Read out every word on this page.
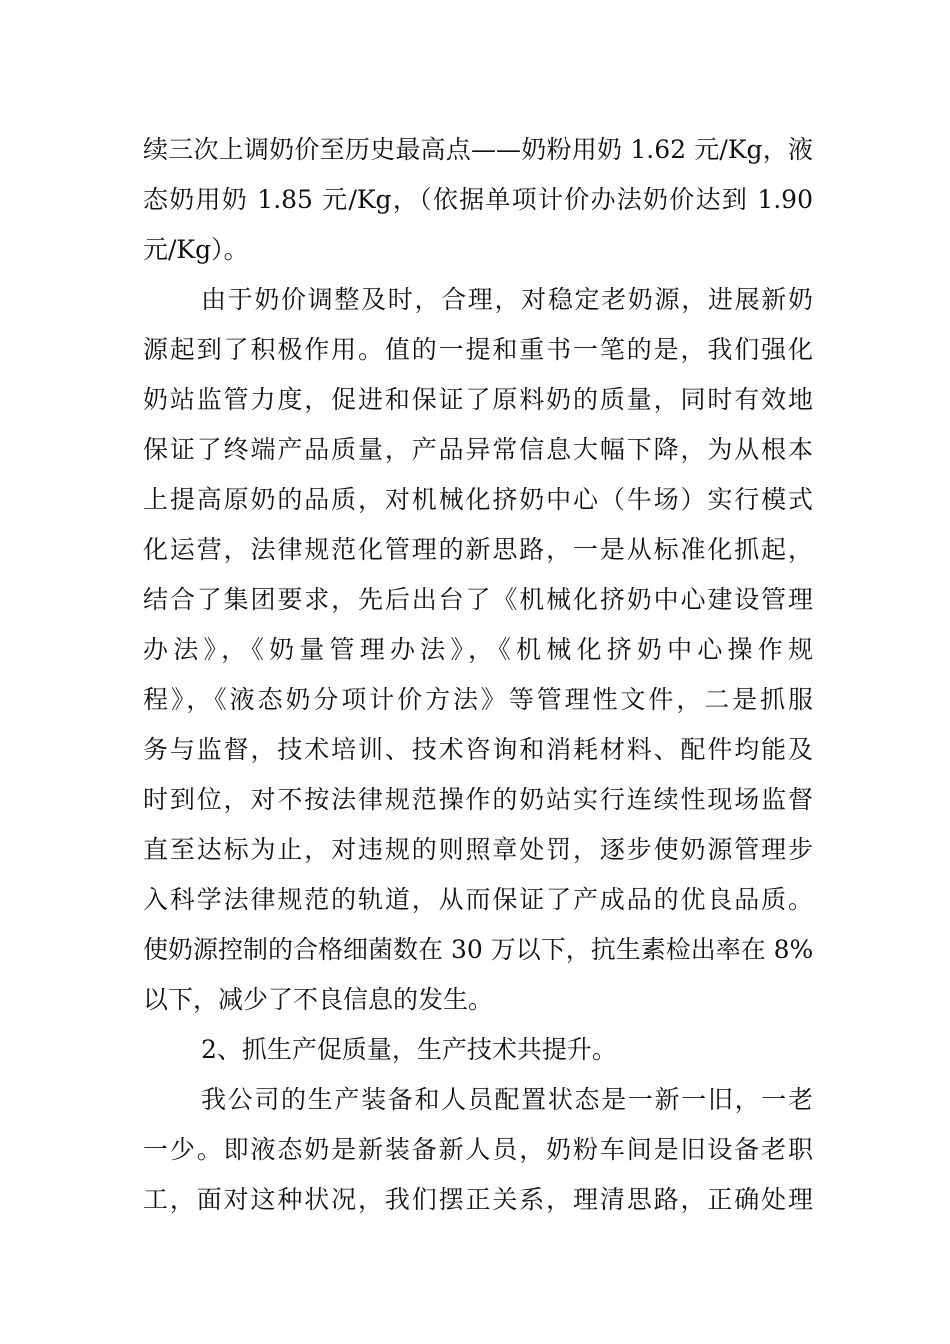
续三次上调奶价至历史最高点——奶粉用奶 1.62 元/Kg，液
态奶用奶 1.85 元/Kg，（依据单项计价办法奶价达到 1.90
元/Kg）。
由于奶价调整及时，合理，对稳定老奶源，进展新奶
源起到了积极作用。值的一提和重书一笔的是，我们强化
奶站监管力度，促进和保证了原料奶的质量，同时有效地
保证了终端产品质量，产品异常信息大幅下降，为从根本
上提高原奶的品质，对机械化挤奶中心（牛场）实行模式
化运营，法律规范化管理的新思路，一是从标准化抓起，
结合了集团要求，先后出台了《机械化挤奶中心建设管理
办法》，《奶量管理办法》，《机械化挤奶中心操作规
程》，《液态奶分项计价方法》等管理性文件，二是抓服
务与监督，技术培训、技术咨询和消耗材料、配件均能及
时到位，对不按法律规范操作的奶站实行连续性现场监督
直至达标为止，对违规的则照章处罚，逐步使奶源管理步
入科学法律规范的轨道，从而保证了产成品的优良品质。
使奶源控制的合格细菌数在 30 万以下，抗生素检出率在 8%
以下，减少了不良信息的发生。
2、抓生产促质量，生产技术共提升。
我公司的生产装备和人员配置状态是一新一旧，一老
一少。即液态奶是新装备新人员，奶粉车间是旧设备老职
工，面对这种状况，我们摆正关系，理清思路，正确处理
